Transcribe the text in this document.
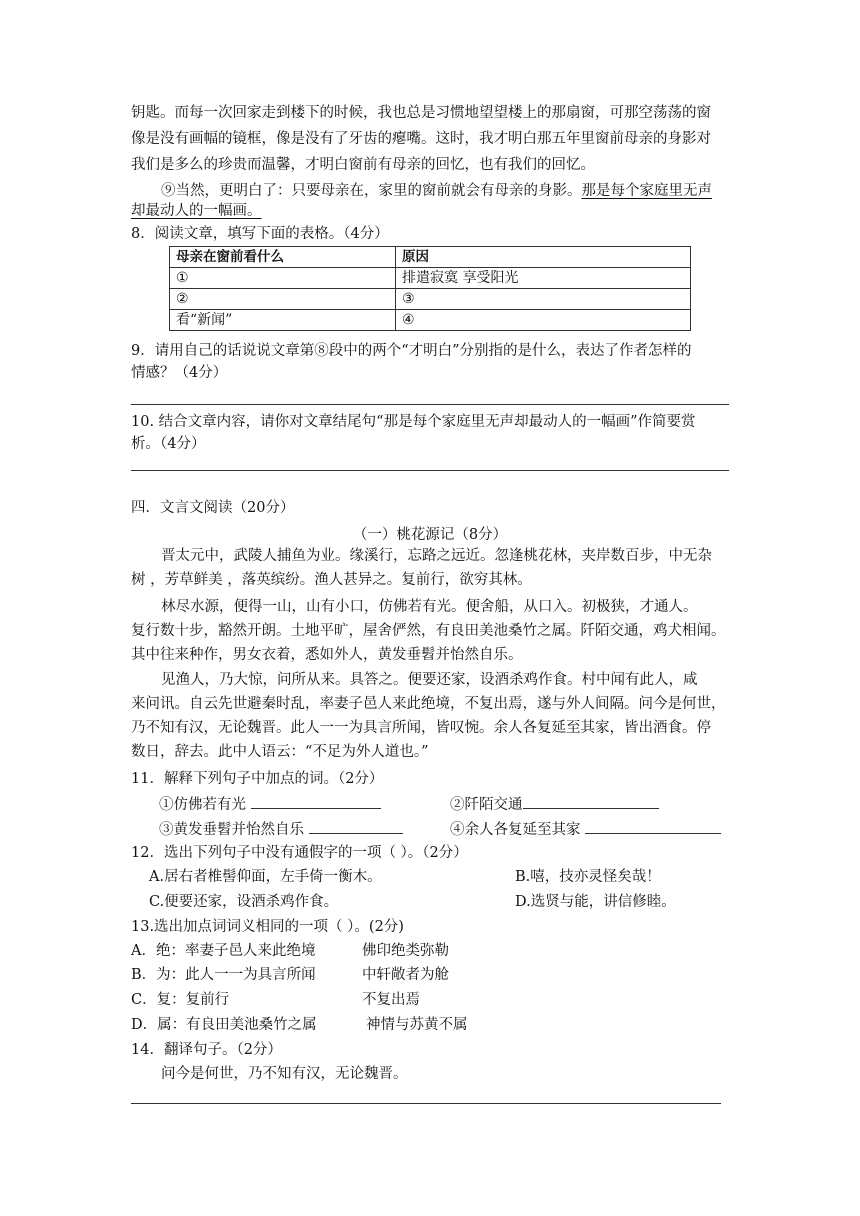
钥匙。而每一次回家走到楼下的时候，我也总是习惯地望望楼上的那扇窗，可那空荡荡的窗
像是没有画幅的镜框，像是没有了牙齿的瘪嘴。这时，我才明白那五年里窗前母亲的身影对
我们是多么的珍贵而温馨，才明白窗前有母亲的回忆，也有我们的回忆。
⑨当然，更明白了：只要母亲在，家里的窗前就会有母亲的身影。那是每个家庭里无声
却最动人的一幅画。
8．阅读文章，填写下面的表格。（4分）
母亲在窗前看什么	原因
①	排遣寂寞 享受阳光
②	③
看“新闻”	④
9．请用自己的话说说文章第⑧段中的两个“才明白”分别指的是什么，表达了作者怎样的
情感？（4分）
10. 结合文章内容，请你对文章结尾句“那是每个家庭里无声却最动人的一幅画”作简要赏
析。（4分）
四．文言文阅读（20分）
（一）桃花源记（8分）
晋太元中，武陵人捕鱼为业。缘溪行，忘路之远近。忽逢桃花林，夹岸数百步，中无杂
树 ，芳草鲜美 ，落英缤纷。渔人甚异之。复前行，欲穷其林。
林尽水源，便得一山，山有小口，仿佛若有光。便舍船，从口入。初极狭，才通人。
复行数十步，豁然开朗。土地平旷，屋舍俨然，有良田美池桑竹之属。阡陌交通，鸡犬相闻。
其中往来种作，男女衣着，悉如外人，黄发垂髫并怡然自乐。
见渔人，乃大惊，问所从来。具答之。便要还家，设酒杀鸡作食。村中闻有此人，咸
来问讯。自云先世避秦时乱，率妻子邑人来此绝境，不复出焉，遂与外人间隔。问今是何世，
乃不知有汉，无论魏晋。此人一一为具言所闻，皆叹惋。余人各复延至其家，皆出酒食。停
数日，辞去。此中人语云：“不足为外人道也。”
11．解释下列句子中加点的词。（2分）
①仿佛若有光	②阡陌交通
③黄发垂髫并怡然自乐	④余人各复延至其家
12．选出下列句子中没有通假字的一项（ ）。（2分）
A.居右者椎髻仰面，左手倚一衡木。	B.嘻，技亦灵怪矣哉！
C.便要还家，设酒杀鸡作食。	D.选贤与能，讲信修睦。
13.选出加点词词义相同的一项（ ）。(2分)
A．绝：率妻子邑人来此绝境	佛印绝类弥勒
B．为：此人一一为具言所闻	中轩敞者为舱
C．复：复前行	不复出焉
D．属：有良田美池桑竹之属	神情与苏黄不属
14．翻译句子。（2分）
问今是何世，乃不知有汉，无论魏晋。
